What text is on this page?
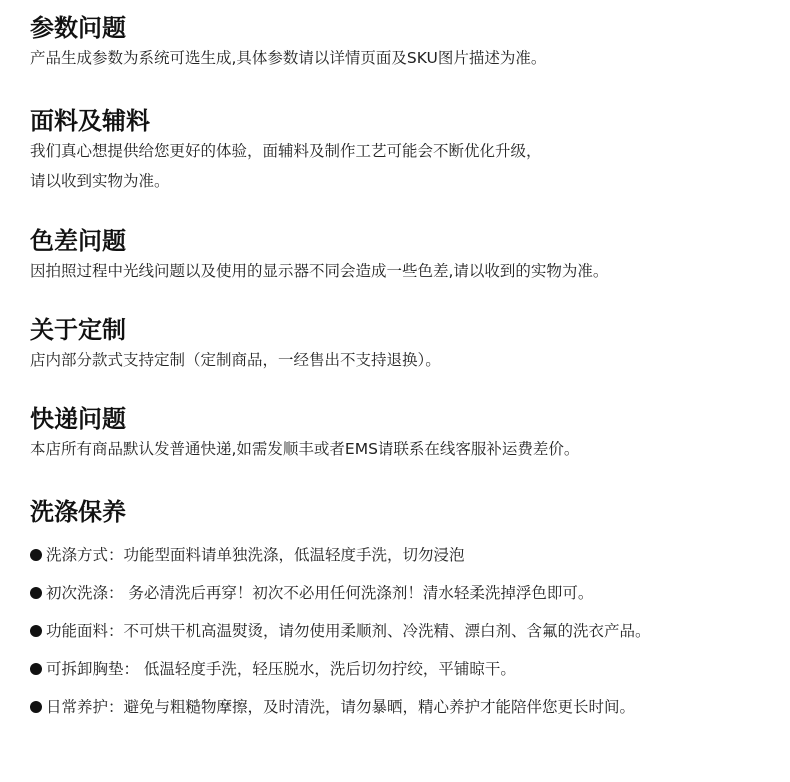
参数问题

产品生成参数为系统可选生成,具体参数请以详情页面及SKU图片描述为准。

面料及辅料

我们真心想提供给您更好的体验，面辅料及制作工艺可能会不断优化升级，

请以收到实物为准。

色差问题

因拍照过程中光线问题以及使用的显示器不同会造成一些色差,请以收到的实物为准。

关于定制

店内部分款式支持定制（定制商品，一经售出不支持退换）。

快递问题

本店所有商品默认发普通快递,如需发顺丰或者EMS请联系在线客服补运费差价。

洗涤保养
洗涤方式：功能型面料请单独洗涤，低温轻度手洗，切勿浸泡
初次洗涤： 务必清洗后再穿！初次不必用任何洗涤剂！清水轻柔洗掉浮色即可。
功能面料：不可烘干机高温熨烫，请勿使用柔顺剂、冷洗精、漂白剂、含氟的洗衣产品。
可拆卸胸垫： 低温轻度手洗，轻压脱水，洗后切勿拧绞，平铺晾干。
日常养护：避免与粗糙物摩擦，及时清洗，请勿暴晒，精心养护才能陪伴您更长时间。
